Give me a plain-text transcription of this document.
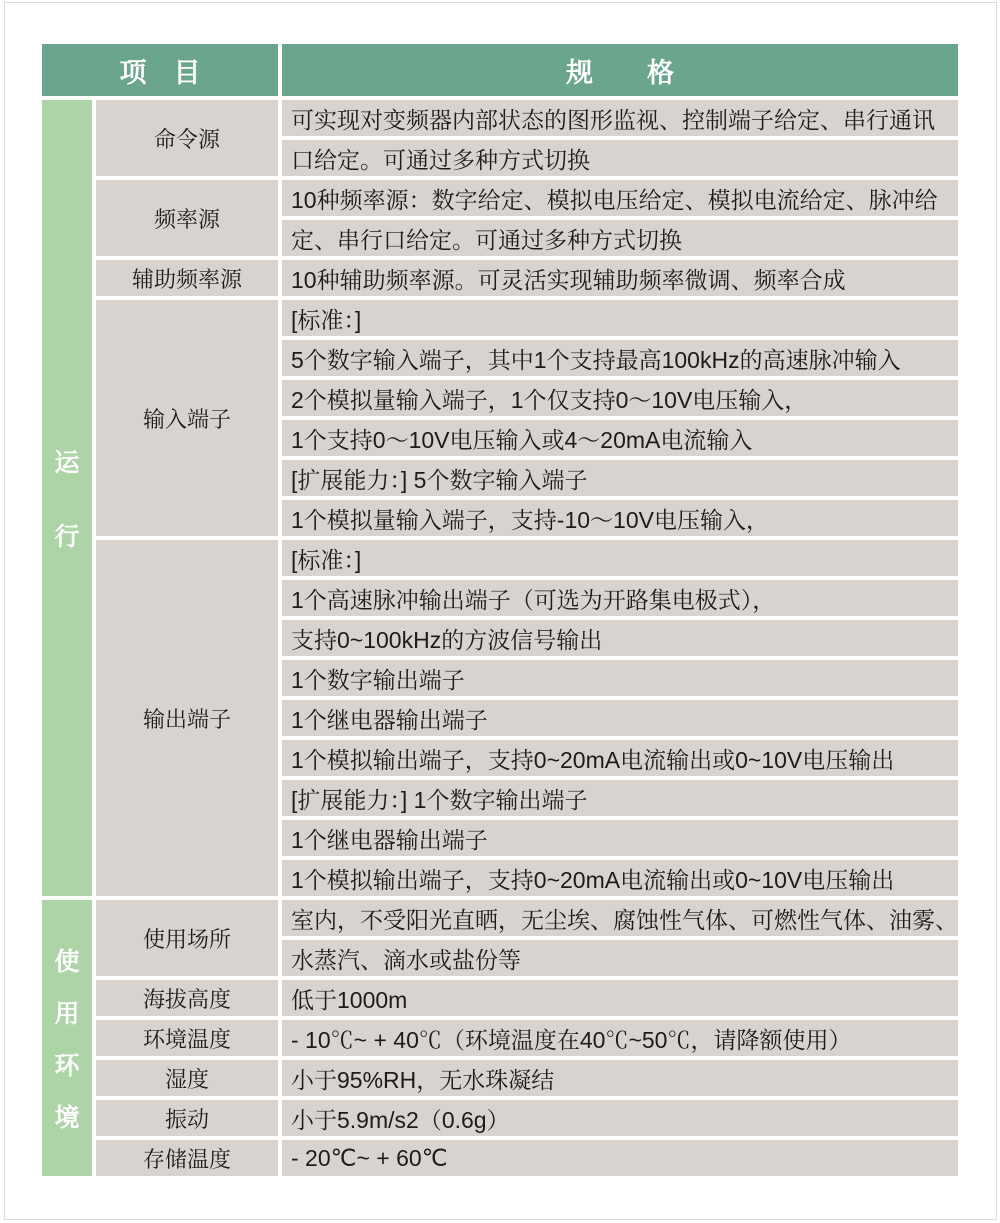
项　目	规　　格
运
行
命令源
频率源
辅助频率源
输入端子
输出端子
可实现对变频器内部状态的图形监视、控制端子给定、串行通讯
口给定。可通过多种方式切换
10种频率源：数字给定、模拟电压给定、模拟电流给定、脉冲给
定、串行口给定。可通过多种方式切换
10种辅助频率源。可灵活实现辅助频率微调、频率合成
[标准：]
5个数字输入端子，其中1个支持最高100kHz的高速脉冲输入
2个模拟量输入端子，1个仅支持0～10V电压输入，
1个支持0～10V电压输入或4～20mA电流输入
[扩展能力：] 5个数字输入端子
1个模拟量输入端子，支持-10～10V电压输入，
[标准：]
1个高速脉冲输出端子（可选为开路集电极式），
支持0~100kHz的方波信号输出
1个数字输出端子
1个继电器输出端子
1个模拟输出端子，支持0~20mA电流输出或0~10V电压输出
[扩展能力：] 1个数字输出端子
1个继电器输出端子
1个模拟输出端子，支持0~20mA电流输出或0~10V电压输出
使
用
环
境
使用场所
海拔高度
环境温度
湿度
振动
存储温度
室内，不受阳光直晒，无尘埃、腐蚀性气体、可燃性气体、油雾、
水蒸汽、滴水或盐份等
低于1000m
- 10℃~ + 40℃（环境温度在40℃~50℃，请降额使用）
小于95%RH，无水珠凝结
小于5.9m/s2（0.6g）
- 20℃~ + 60℃
